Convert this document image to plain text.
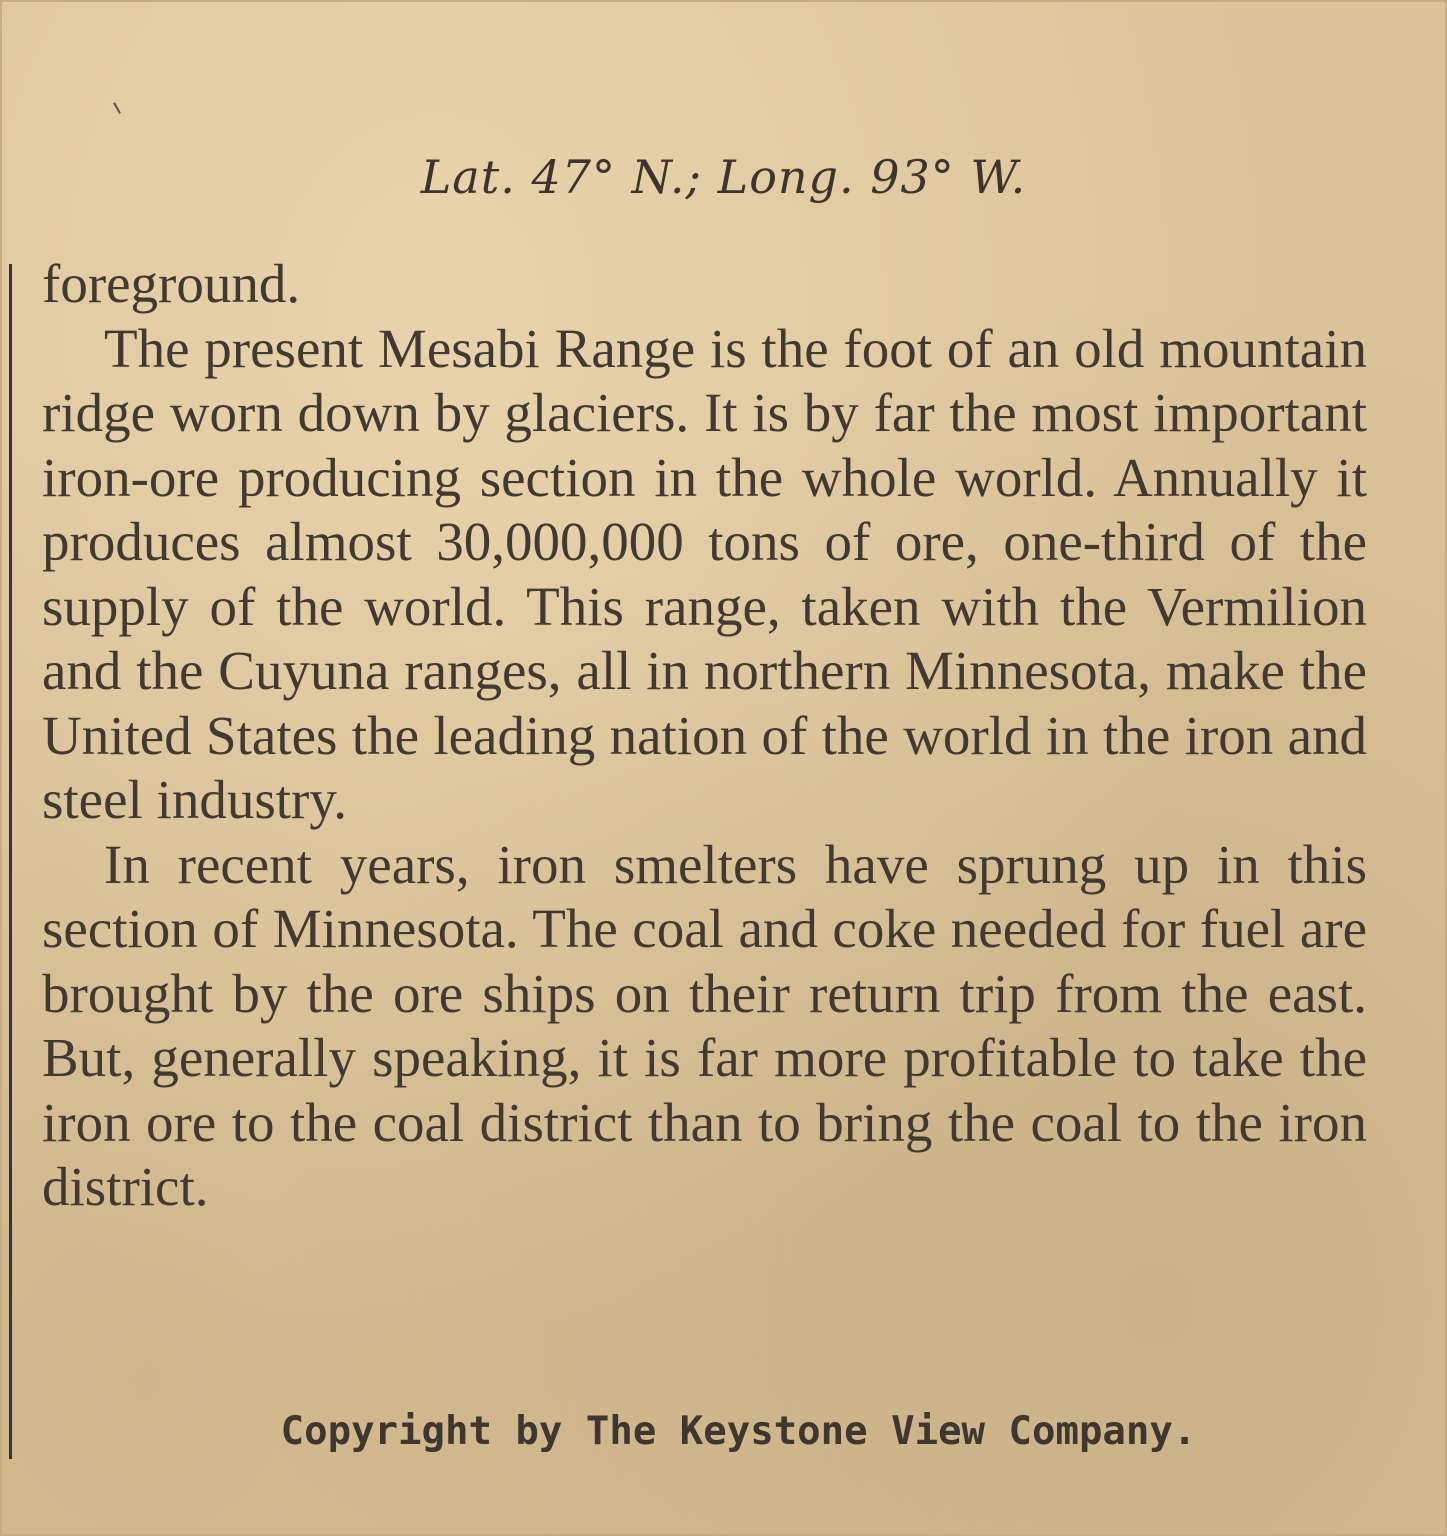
Lat. 47° N.; Long. 93° W.

foreground.

The present Mesabi Range is the foot of an old mountain ridge worn down by glaciers. It is by far the most important iron-ore producing section in the whole world. Annually it produces almost 30,000,000 tons of ore, one-third of the supply of the world. This range, taken with the Vermilion and the Cuyuna ranges, all in northern Minnesota, make the United States the leading nation of the world in the iron and steel industry.

In recent years, iron smelters have sprung up in this section of Minnesota. The coal and coke needed for fuel are brought by the ore ships on their return trip from the east. But, generally speaking, it is far more profitable to take the iron ore to the coal district than to bring the coal to the iron district.

Copyright by The Keystone View Company.
